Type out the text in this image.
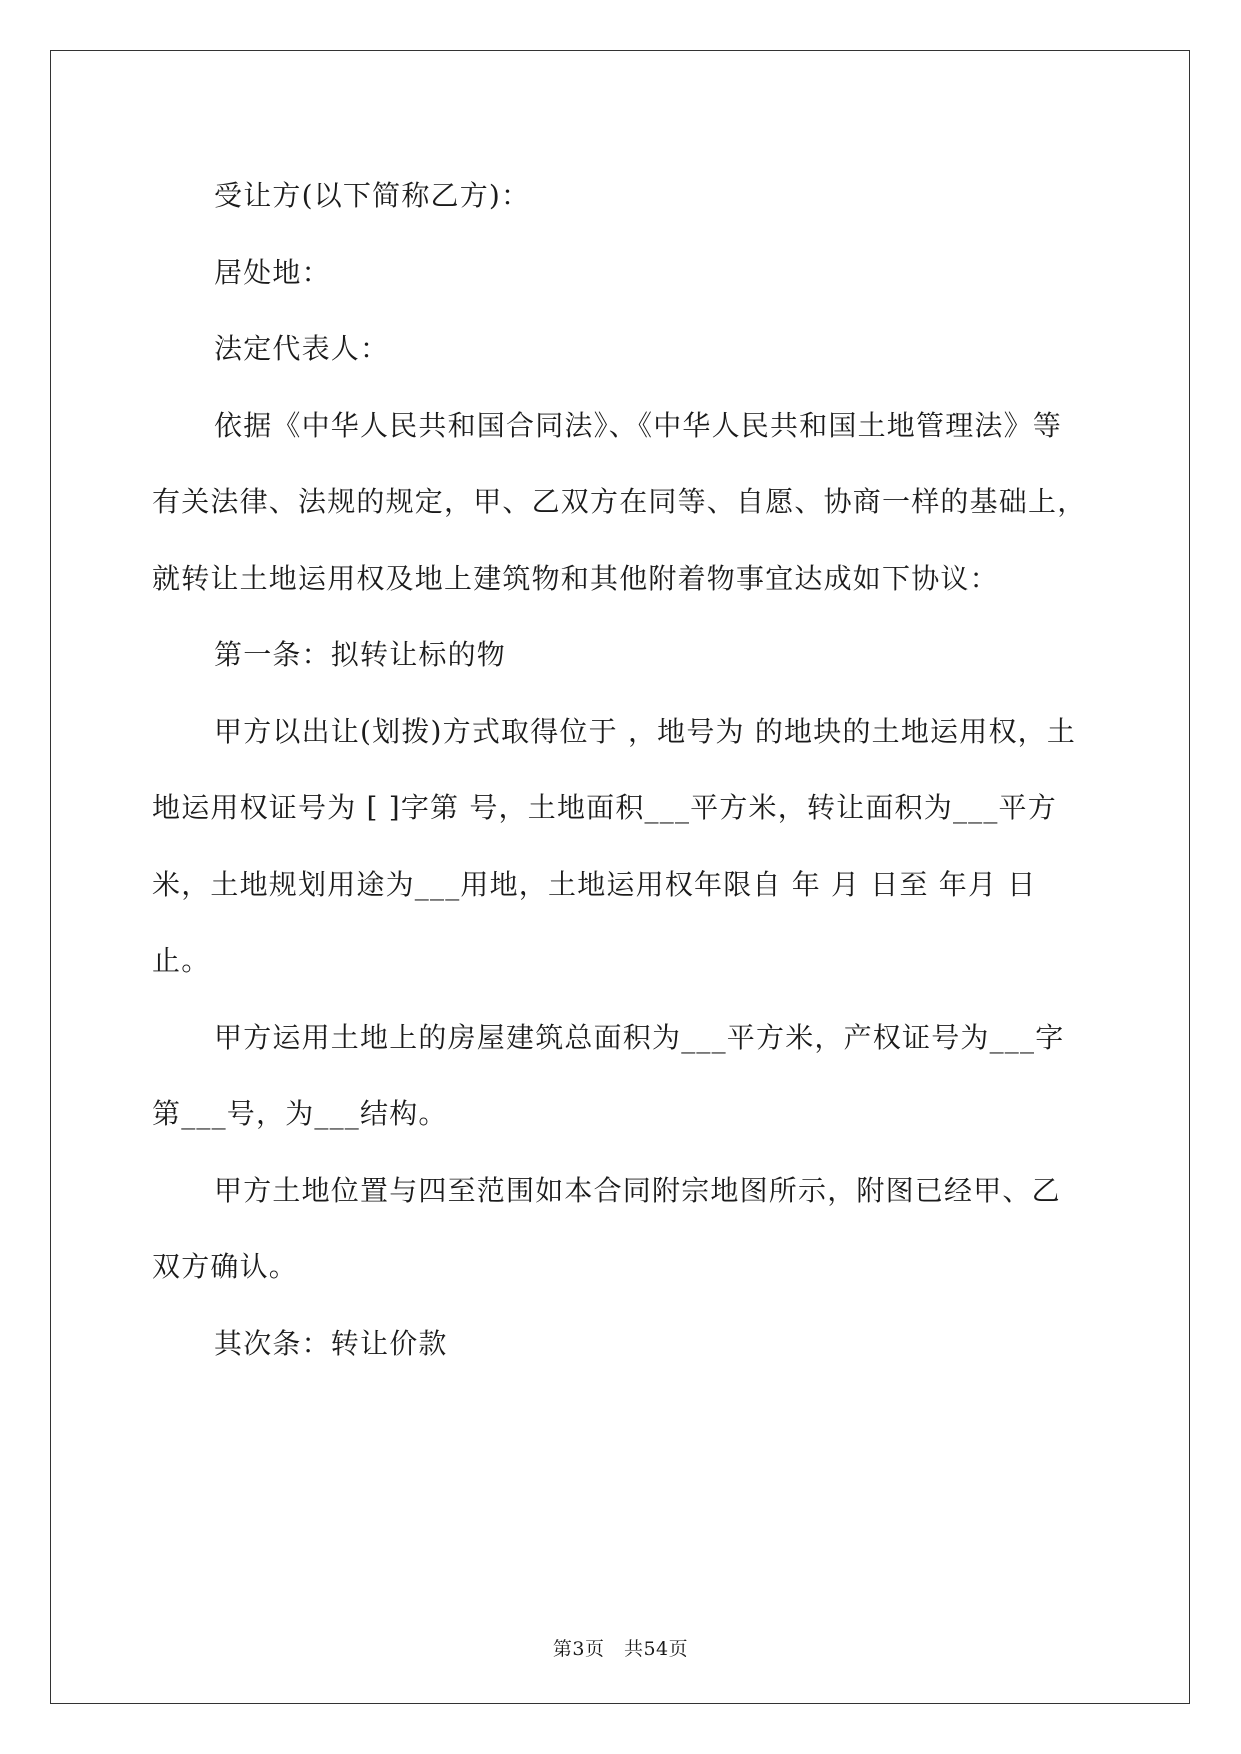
受让方(以下简称乙方)：

居处地：

法定代表人：

依据《中华人民共和国合同法》、《中华人民共和国土地管理法》等有关法律、法规的规定，甲、乙双方在同等、自愿、协商一样的基础上，就转让土地运用权及地上建筑物和其他附着物事宜达成如下协议：

第一条：拟转让标的物

甲方以出让(划拨)方式取得位于 ，地号为 的地块的土地运用权，土地运用权证号为 [ ]字第 号，土地面积___平方米，转让面积为___平方米，土地规划用途为___用地，土地运用权年限自 年 月 日至 年月 日止。

甲方运用土地上的房屋建筑总面积为___平方米，产权证号为___字第___号，为___结构。

甲方土地位置与四至范围如本合同附宗地图所示，附图已经甲、乙双方确认。

其次条：转让价款

第3页　共54页
